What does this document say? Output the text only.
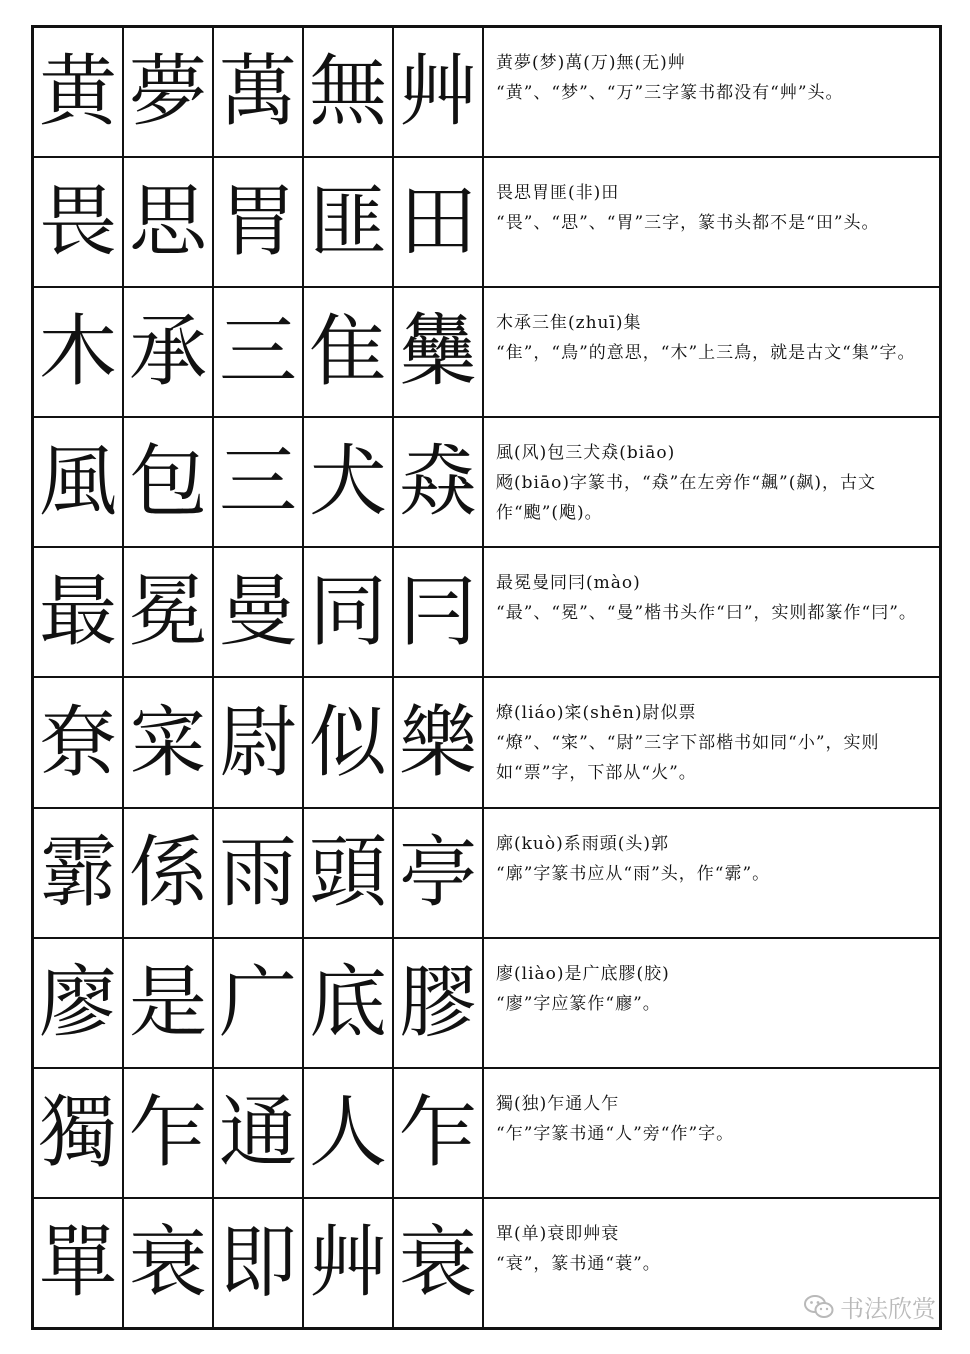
黄 夢 萬 無 艸	黄夢(梦)萬(万)無(无)艸
“黄”、“梦”、“万”三字篆书都没有“艸”头。
畏 思 胃 匪 田	畏思胃匪(非)田
“畏”、“思”、“胃”三字，篆书头都不是“田”头。
木 承 三 隹 雧	木承三隹(zhuī)集
“隹”，“鳥”的意思，“木”上三鳥，就是古文“集”字。
風 包 三 犬 猋	風(风)包三犬猋(biāo)
飏(biāo)字篆书，“猋”在左旁作“飆”(飙)，古文作“颮”(飑)。
最 冕 曼 同 冃	最冕曼同冃(mào)
“最”、“冕”、“曼”楷书头作“曰”，实则都篆作“冃”。
尞 寀 尉 似 樂	燎(liáo)寀(shēn)尉似票
“燎”、“寀”、“尉”三字下部楷书如同“小”，实则如“票”字，下部从“火”。
霩 係 雨 頭 亭	廓(kuò)系雨頭(头)郭
“廓”字篆书应从“雨”头，作“霩”。
廖 是 广 底 膠	廖(liào)是广底膠(胶)
“廖”字应篆作“廫”。
獨 乍 通 人 乍	獨(独)乍通人乍
“乍”字篆书通“人”旁“作”字。
單 衰 即 艸 衰	單(单)衰即艸衰
“衰”，篆书通“蓑”。
书法欣赏
